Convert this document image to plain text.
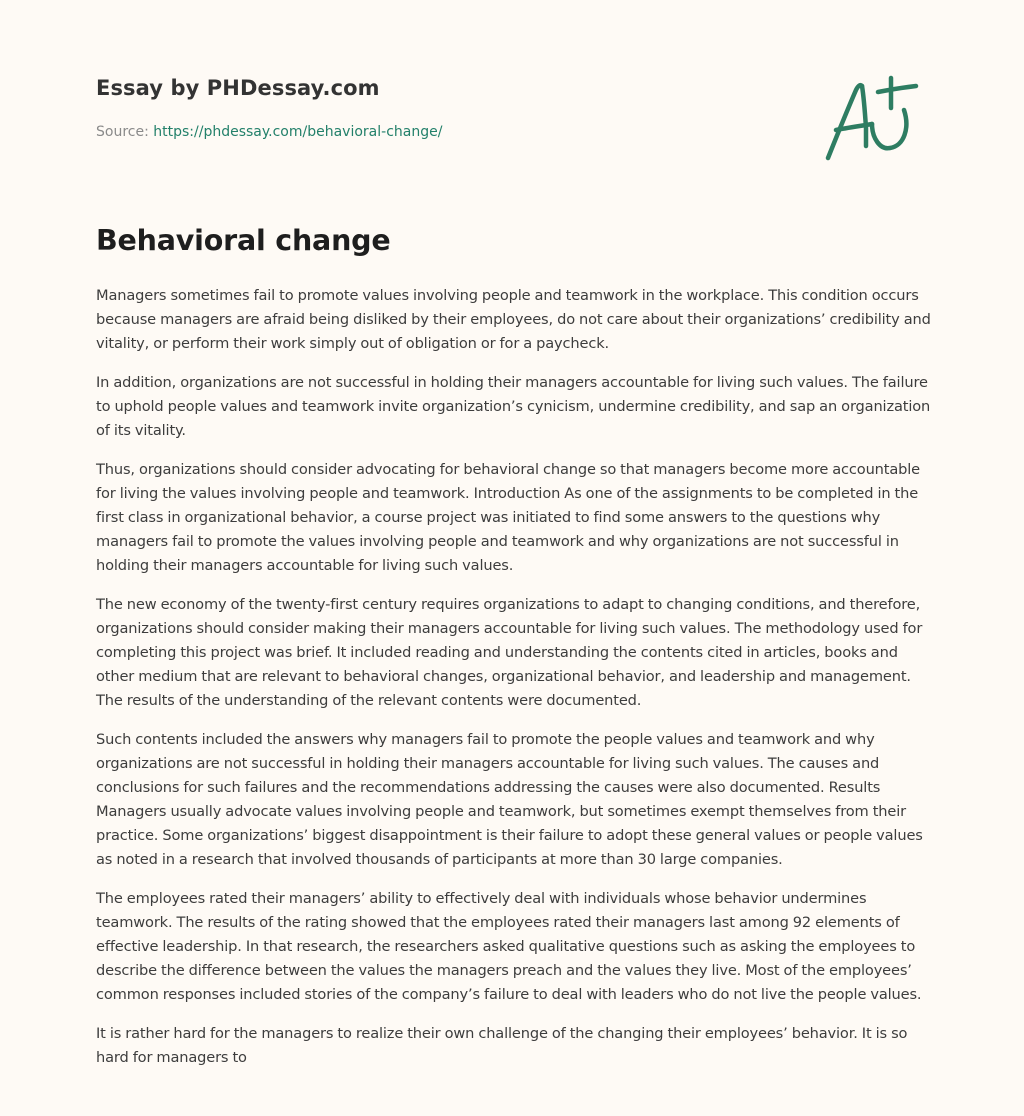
Essay by PHDessay.com
Source: https://phdessay.com/behavioral-change/
Behavioral change

Managers sometimes fail to promote values involving people and teamwork in the workplace. This condition occurs because managers are afraid being disliked by their employees, do not care about their organizations’ credibility and vitality, or perform their work simply out of obligation or for a paycheck.

In addition, organizations are not successful in holding their managers accountable for living such values. The failure to uphold people values and teamwork invite organization’s cynicism, undermine credibility, and sap an organization of its vitality.

Thus, organizations should consider advocating for behavioral change so that managers become more accountable for living the values involving people and teamwork. Introduction As one of the assignments to be completed in the first class in organizational behavior, a course project was initiated to find some answers to the questions why managers fail to promote the values involving people and teamwork and why organizations are not successful in holding their managers accountable for living such values.

The new economy of the twenty-first century requires organizations to adapt to changing conditions, and therefore, organizations should consider making their managers accountable for living such values. The methodology used for completing this project was brief. It included reading and understanding the contents cited in articles, books and other medium that are relevant to behavioral changes, organizational behavior, and leadership and management. The results of the understanding of the relevant contents were documented.

Such contents included the answers why managers fail to promote the people values and teamwork and why organizations are not successful in holding their managers accountable for living such values. The causes and conclusions for such failures and the recommendations addressing the causes were also documented. Results Managers usually advocate values involving people and teamwork, but sometimes exempt themselves from their practice. Some organizations’ biggest disappointment is their failure to adopt these general values or people values as noted in a research that involved thousands of participants at more than 30 large companies.

The employees rated their managers’ ability to effectively deal with individuals whose behavior undermines teamwork. The results of the rating showed that the employees rated their managers last among 92 elements of effective leadership. In that research, the researchers asked qualitative questions such as asking the employees to describe the difference between the values the managers preach and the values they live. Most of the employees’ common responses included stories of the company’s failure to deal with leaders who do not live the people values.

It is rather hard for the managers to realize their own challenge of the changing their employees’ behavior. It is so hard for managers to
